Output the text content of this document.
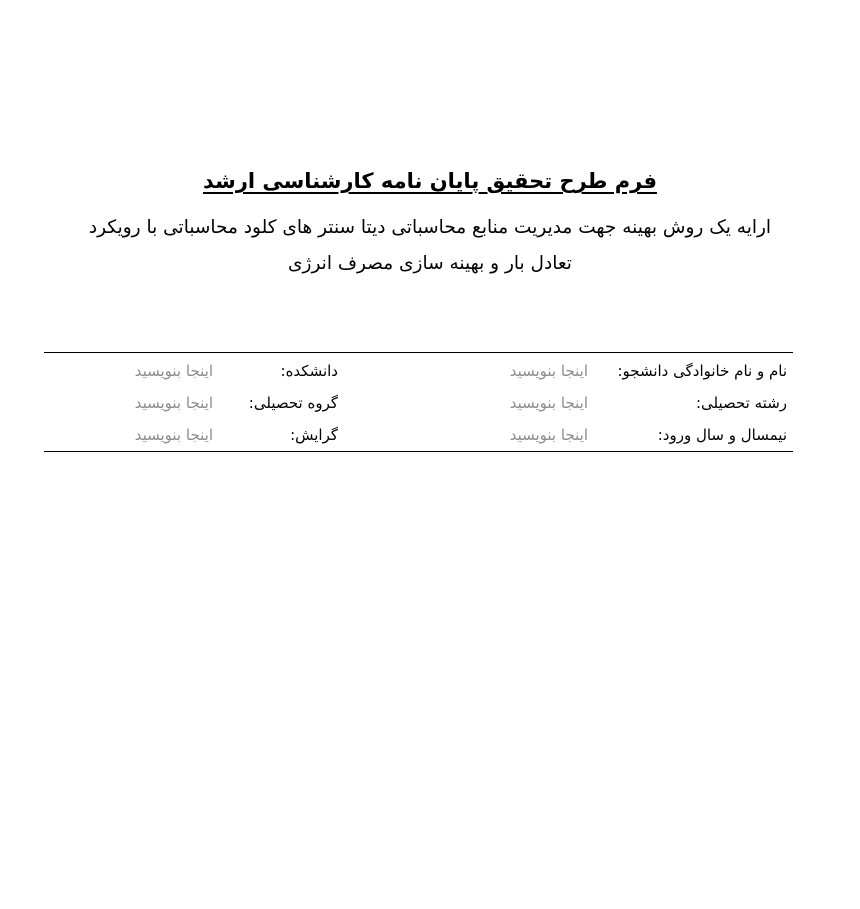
فرم طرح تحقیق پایان نامه کارشناسی ارشد
ارایه یک روش بهینه جهت مدیریت منابع محاسباتی دیتا سنتر های کلود محاسباتی با رویکرد
تعادل بار و بهینه سازی مصرف انرژی
نام و نام خانوادگی دانشجو:
اینجا بنویسید
دانشکده:
اینجا بنویسید
رشته تحصیلی:
اینجا بنویسید
گروه تحصیلی:
اینجا بنویسید
نیمسال و سال ورود:
اینجا بنویسید
گرایش:
اینجا بنویسید
